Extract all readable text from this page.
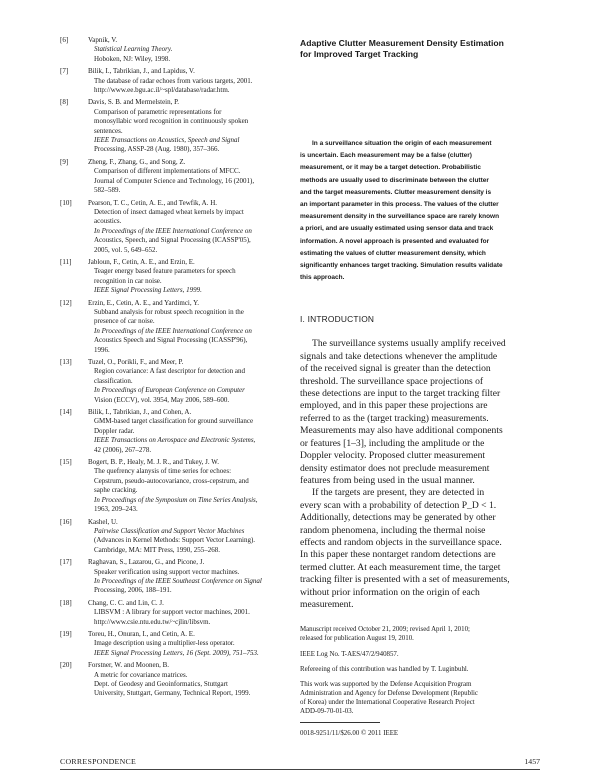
[6]	Vapnik, V.
Statistical Learning Theory.
Hoboken, NJ: Wiley, 1998.
[7]	Bilik, I., Tabrikian, J., and Lapidus, V.
The database of radar echoes from various targets, 2001.
http://www.ee.bgu.ac.il/~spl/database/radar.htm.
[8]	Davis, S. B. and Mermelstein, P.
Comparison of parametric representations for
monosyllabic word recognition in continuously spoken
sentences.
IEEE Transactions on Acoustics, Speech and Signal
Processing, ASSP-28 (Aug. 1980), 357–366.
[9]	Zheng, F., Zhang, G., and Song, Z.
Comparison of different implementations of MFCC.
Journal of Computer Science and Technology, 16 (2001),
582–589.
[10]	Pearson, T. C., Cetin, A. E., and Tewfik, A. H.
Detection of insect damaged wheat kernels by impact
acoustics.
In Proceedings of the IEEE International Conference on
Acoustics, Speech, and Signal Processing (ICASSP'05),
2005, vol. 5, 649–652.
[11]	Jabloun, F., Cetin, A. E., and Erzin, E.
Teager energy based feature parameters for speech
recognition in car noise.
IEEE Signal Processing Letters, 1999.
[12]	Erzin, E., Cetin, A. E., and Yardimci, Y.
Subband analysis for robust speech recognition in the
presence of car noise.
In Proceedings of the IEEE International Conference on
Acoustics Speech and Signal Processing (ICASSP'96),
1996.
[13]	Tuzel, O., Porikli, F., and Meer, P.
Region covariance: A fast descriptor for detection and
classification.
In Proceedings of European Conference on Computer
Vision (ECCV), vol. 3954, May 2006, 589–600.
[14]	Bilik, I., Tabrikian, J., and Cohen, A.
GMM-based target classification for ground surveillance
Doppler radar.
IEEE Transactions on Aerospace and Electronic Systems,
42 (2006), 267–278.
[15]	Bogert, B. P., Healy, M. J. R., and Tukey, J. W.
The quefrency alanysis of time series for echoes:
Cepstrum, pseudo-autocovariance, cross-cepstrum, and
saphe cracking.
In Proceedings of the Symposium on Time Series Analysis,
1963, 209–243.
[16]	Kashel, U.
Pairwise Classification and Support Vector Machines
(Advances in Kernel Methods: Support Vector Learning).
Cambridge, MA: MIT Press, 1990, 255–268.
[17]	Raghavan, S., Lazarou, G., and Picone, J.
Speaker verification using support vector machines.
In Proceedings of the IEEE Southeast Conference on Signal
Processing, 2006, 188–191.
[18]	Chang, C. C. and Lin, C. J.
LIBSVM : A library for support vector machines, 2001.
http://www.csie.ntu.edu.tw/~cjlin/libsvm.
[19]	Toreu, H., Onuran, I., and Cetin, A. E.
Image description using a multiplier-less operator.
IEEE Signal Processing Letters, 16 (Sept. 2009), 751–753.
[20]	Forstner, W. and Moonen, B.
A metric for covariance matrices.
Dept. of Geodesy and Geoinformatics, Stuttgart
University, Stuttgart, Germany, Technical Report, 1999.
Adaptive Clutter Measurement Density Estimation
for Improved Target Tracking
In a surveillance situation the origin of each measurement
is uncertain. Each measurement may be a false (clutter)
measurement, or it may be a target detection. Probabilistic
methods are usually used to discriminate between the clutter
and the target measurements. Clutter measurement density is
an important parameter in this process. The values of the clutter
measurement density in the surveillance space are rarely known
a priori, and are usually estimated using sensor data and track
information. A novel approach is presented and evaluated for
estimating the values of clutter measurement density, which
significantly enhances target tracking. Simulation results validate
this approach.
I. INTRODUCTION
The surveillance systems usually amplify received
signals and take detections whenever the amplitude
of the received signal is greater than the detection
threshold. The surveillance space projections of
these detections are input to the target tracking filter
employed, and in this paper these projections are
referred to as the (target tracking) measurements.
Measurements may also have additional components
or features [1–3], including the amplitude or the
Doppler velocity. Proposed clutter measurement
density estimator does not preclude measurement
features from being used in the usual manner.
If the targets are present, they are detected in
every scan with a probability of detection P_D < 1.
Additionally, detections may be generated by other
random phenomena, including the thermal noise
effects and random objects in the surveillance space.
In this paper these nontarget random detections are
termed clutter. At each measurement time, the target
tracking filter is presented with a set of measurements,
without prior information on the origin of each
measurement.
Manuscript received October 21, 2009; revised April 1, 2010;
released for publication August 19, 2010.
IEEE Log No. T-AES/47/2/940857.
Refereeing of this contribution was handled by T. Luginbuhl.
This work was supported by the Defense Acquisition Program
Administration and Agency for Defense Development (Republic
of Korea) under the International Cooperative Research Project
ADD-09-70-01-03.
0018-9251/11/$26.00 © 2011 IEEE
CORRESPONDENCE	1457
